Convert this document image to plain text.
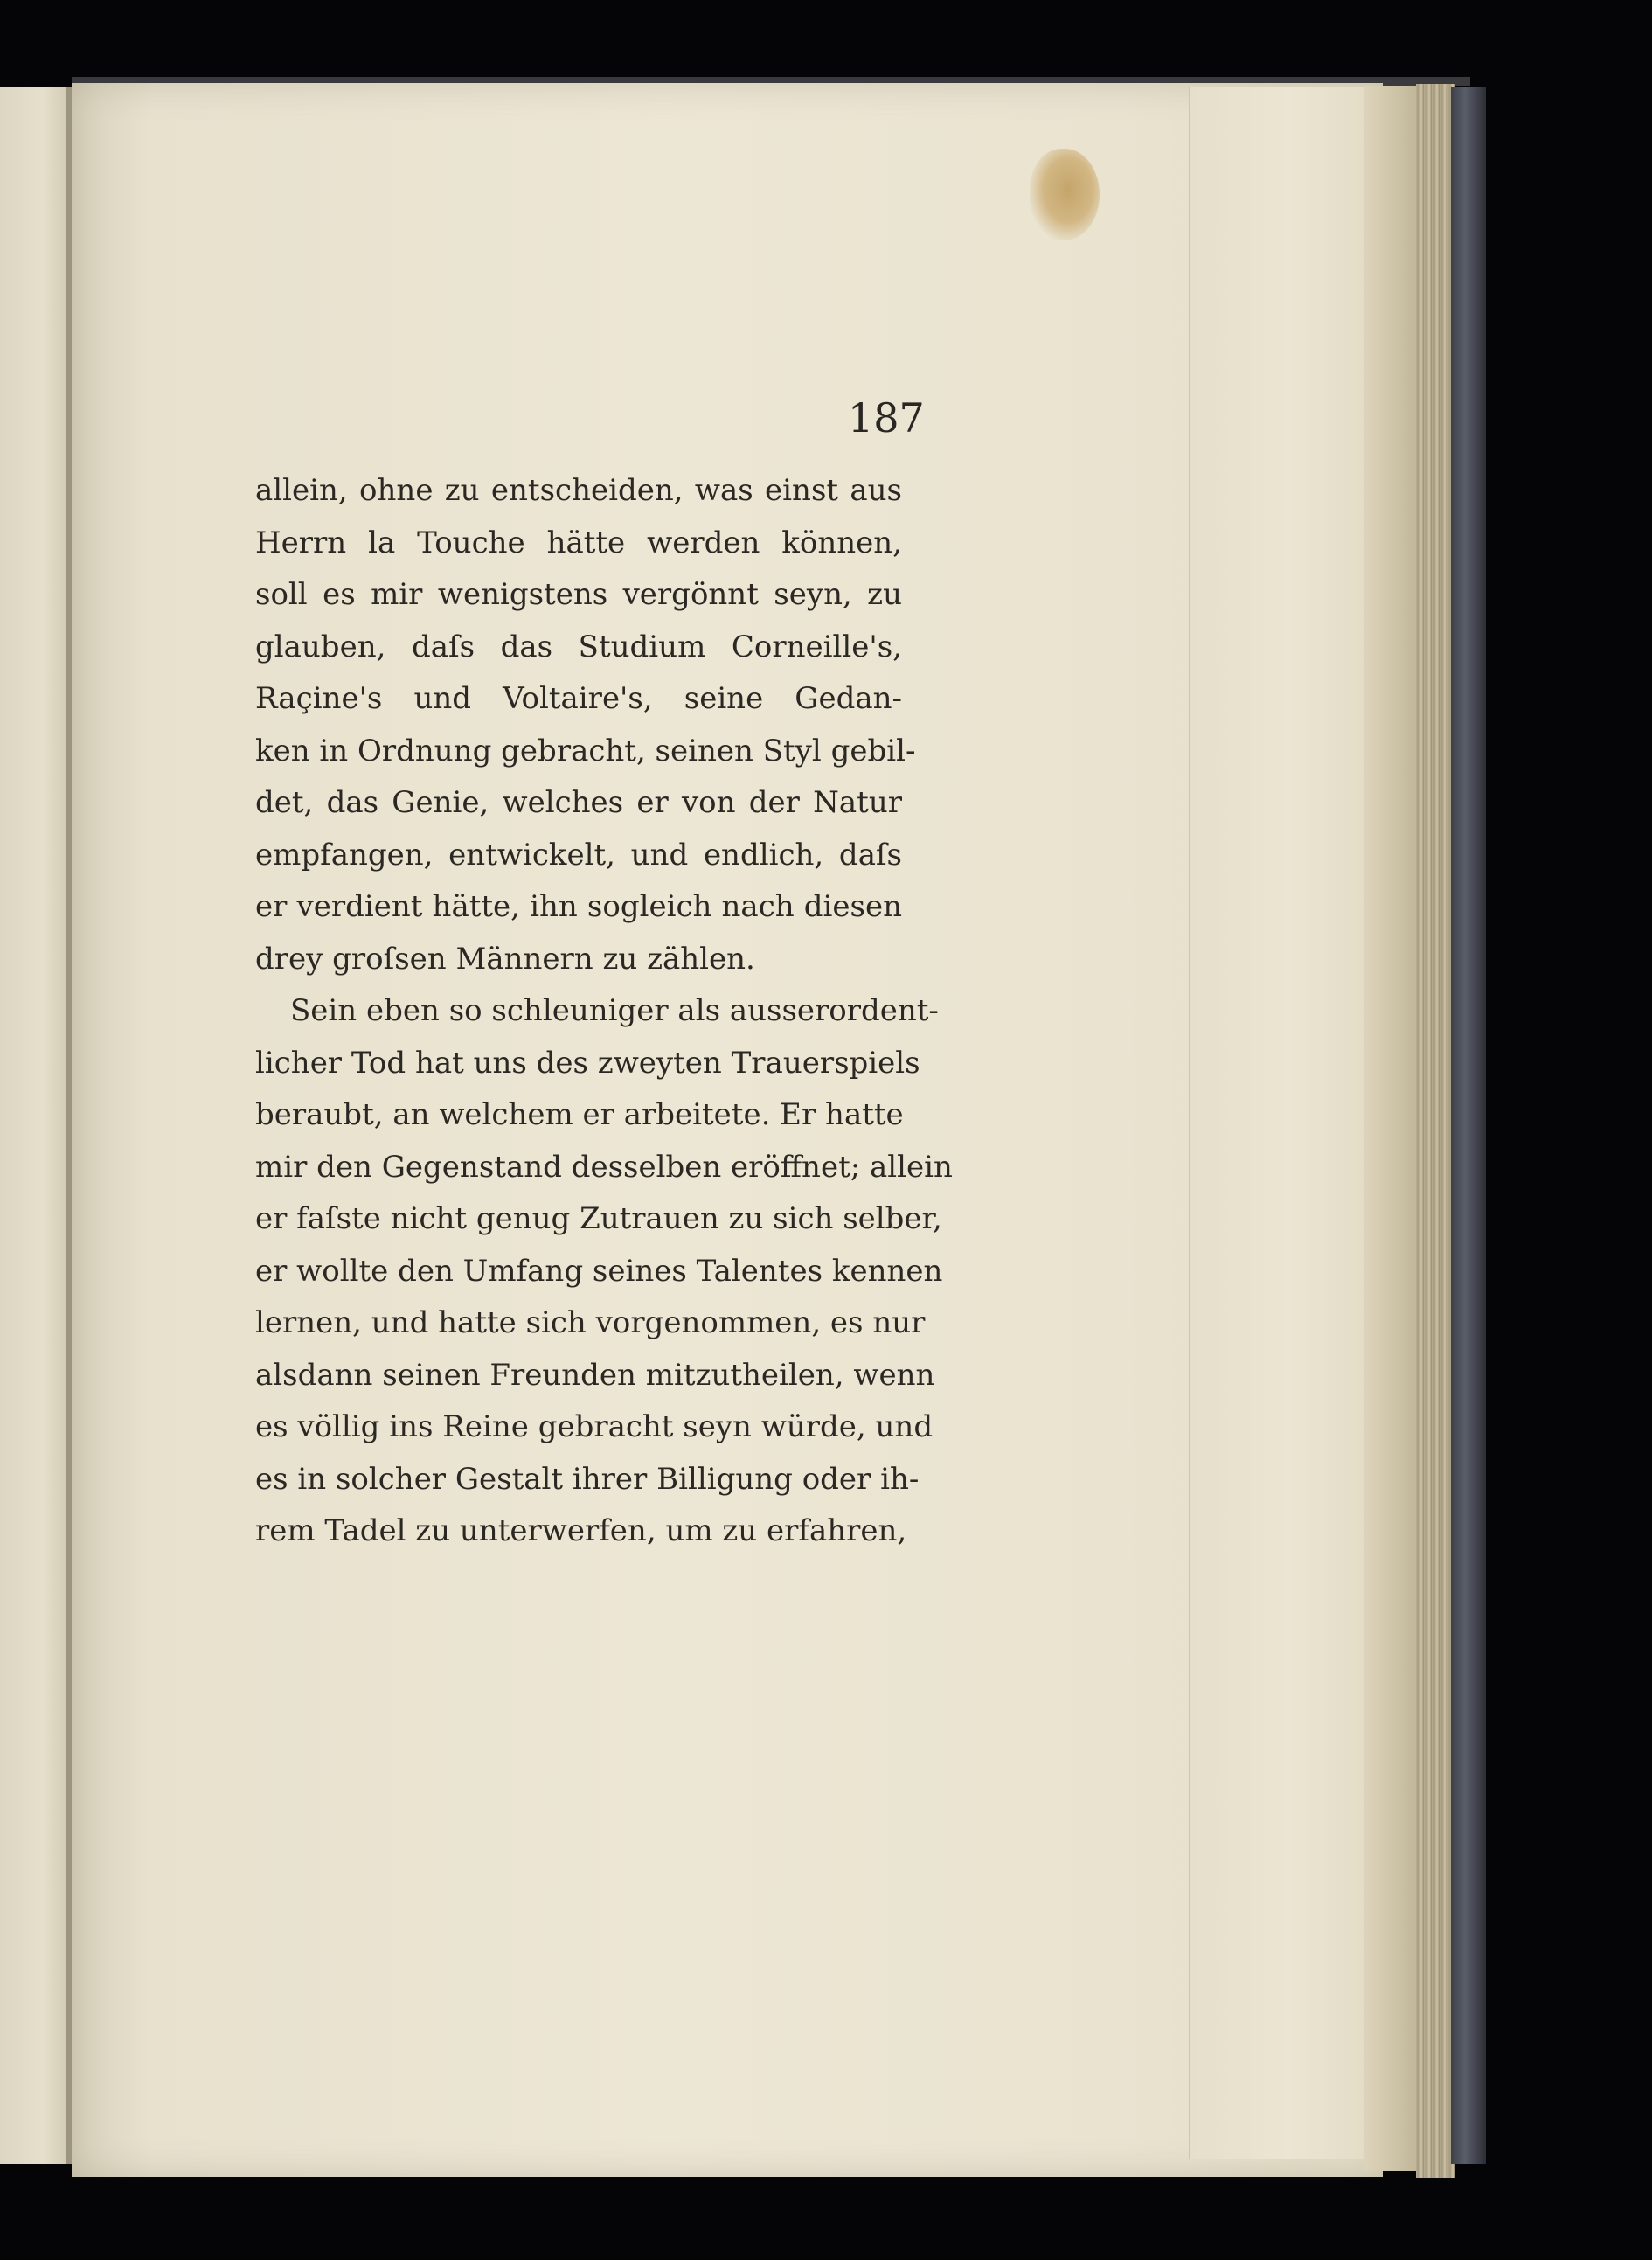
187
allein, ohne zu entscheiden, was einst aus
Herrn la Touche hätte werden können,
soll es mir wenigstens vergönnt seyn, zu
glauben, daſs das Studium Corneille's,
Raçine's und Voltaire's, seine Gedan-
ken in Ordnung gebracht, seinen Styl gebil-
det, das Genie, welches er von der Natur
empfangen, entwickelt, und endlich, daſs
er verdient hätte, ihn sogleich nach diesen
drey groſsen Männern zu zählen.
Sein eben so schleuniger als ausserordent-
licher Tod hat uns des zweyten Trauerspiels
beraubt, an welchem er arbeitete. Er hatte
mir den Gegenstand desselben eröffnet; allein
er faſste nicht genug Zutrauen zu sich selber,
er wollte den Umfang seines Talentes kennen
lernen, und hatte sich vorgenommen, es nur
alsdann seinen Freunden mitzutheilen, wenn
es völlig ins Reine gebracht seyn würde, und
es in solcher Gestalt ihrer Billigung oder ih-
rem Tadel zu unterwerfen, um zu erfahren,
